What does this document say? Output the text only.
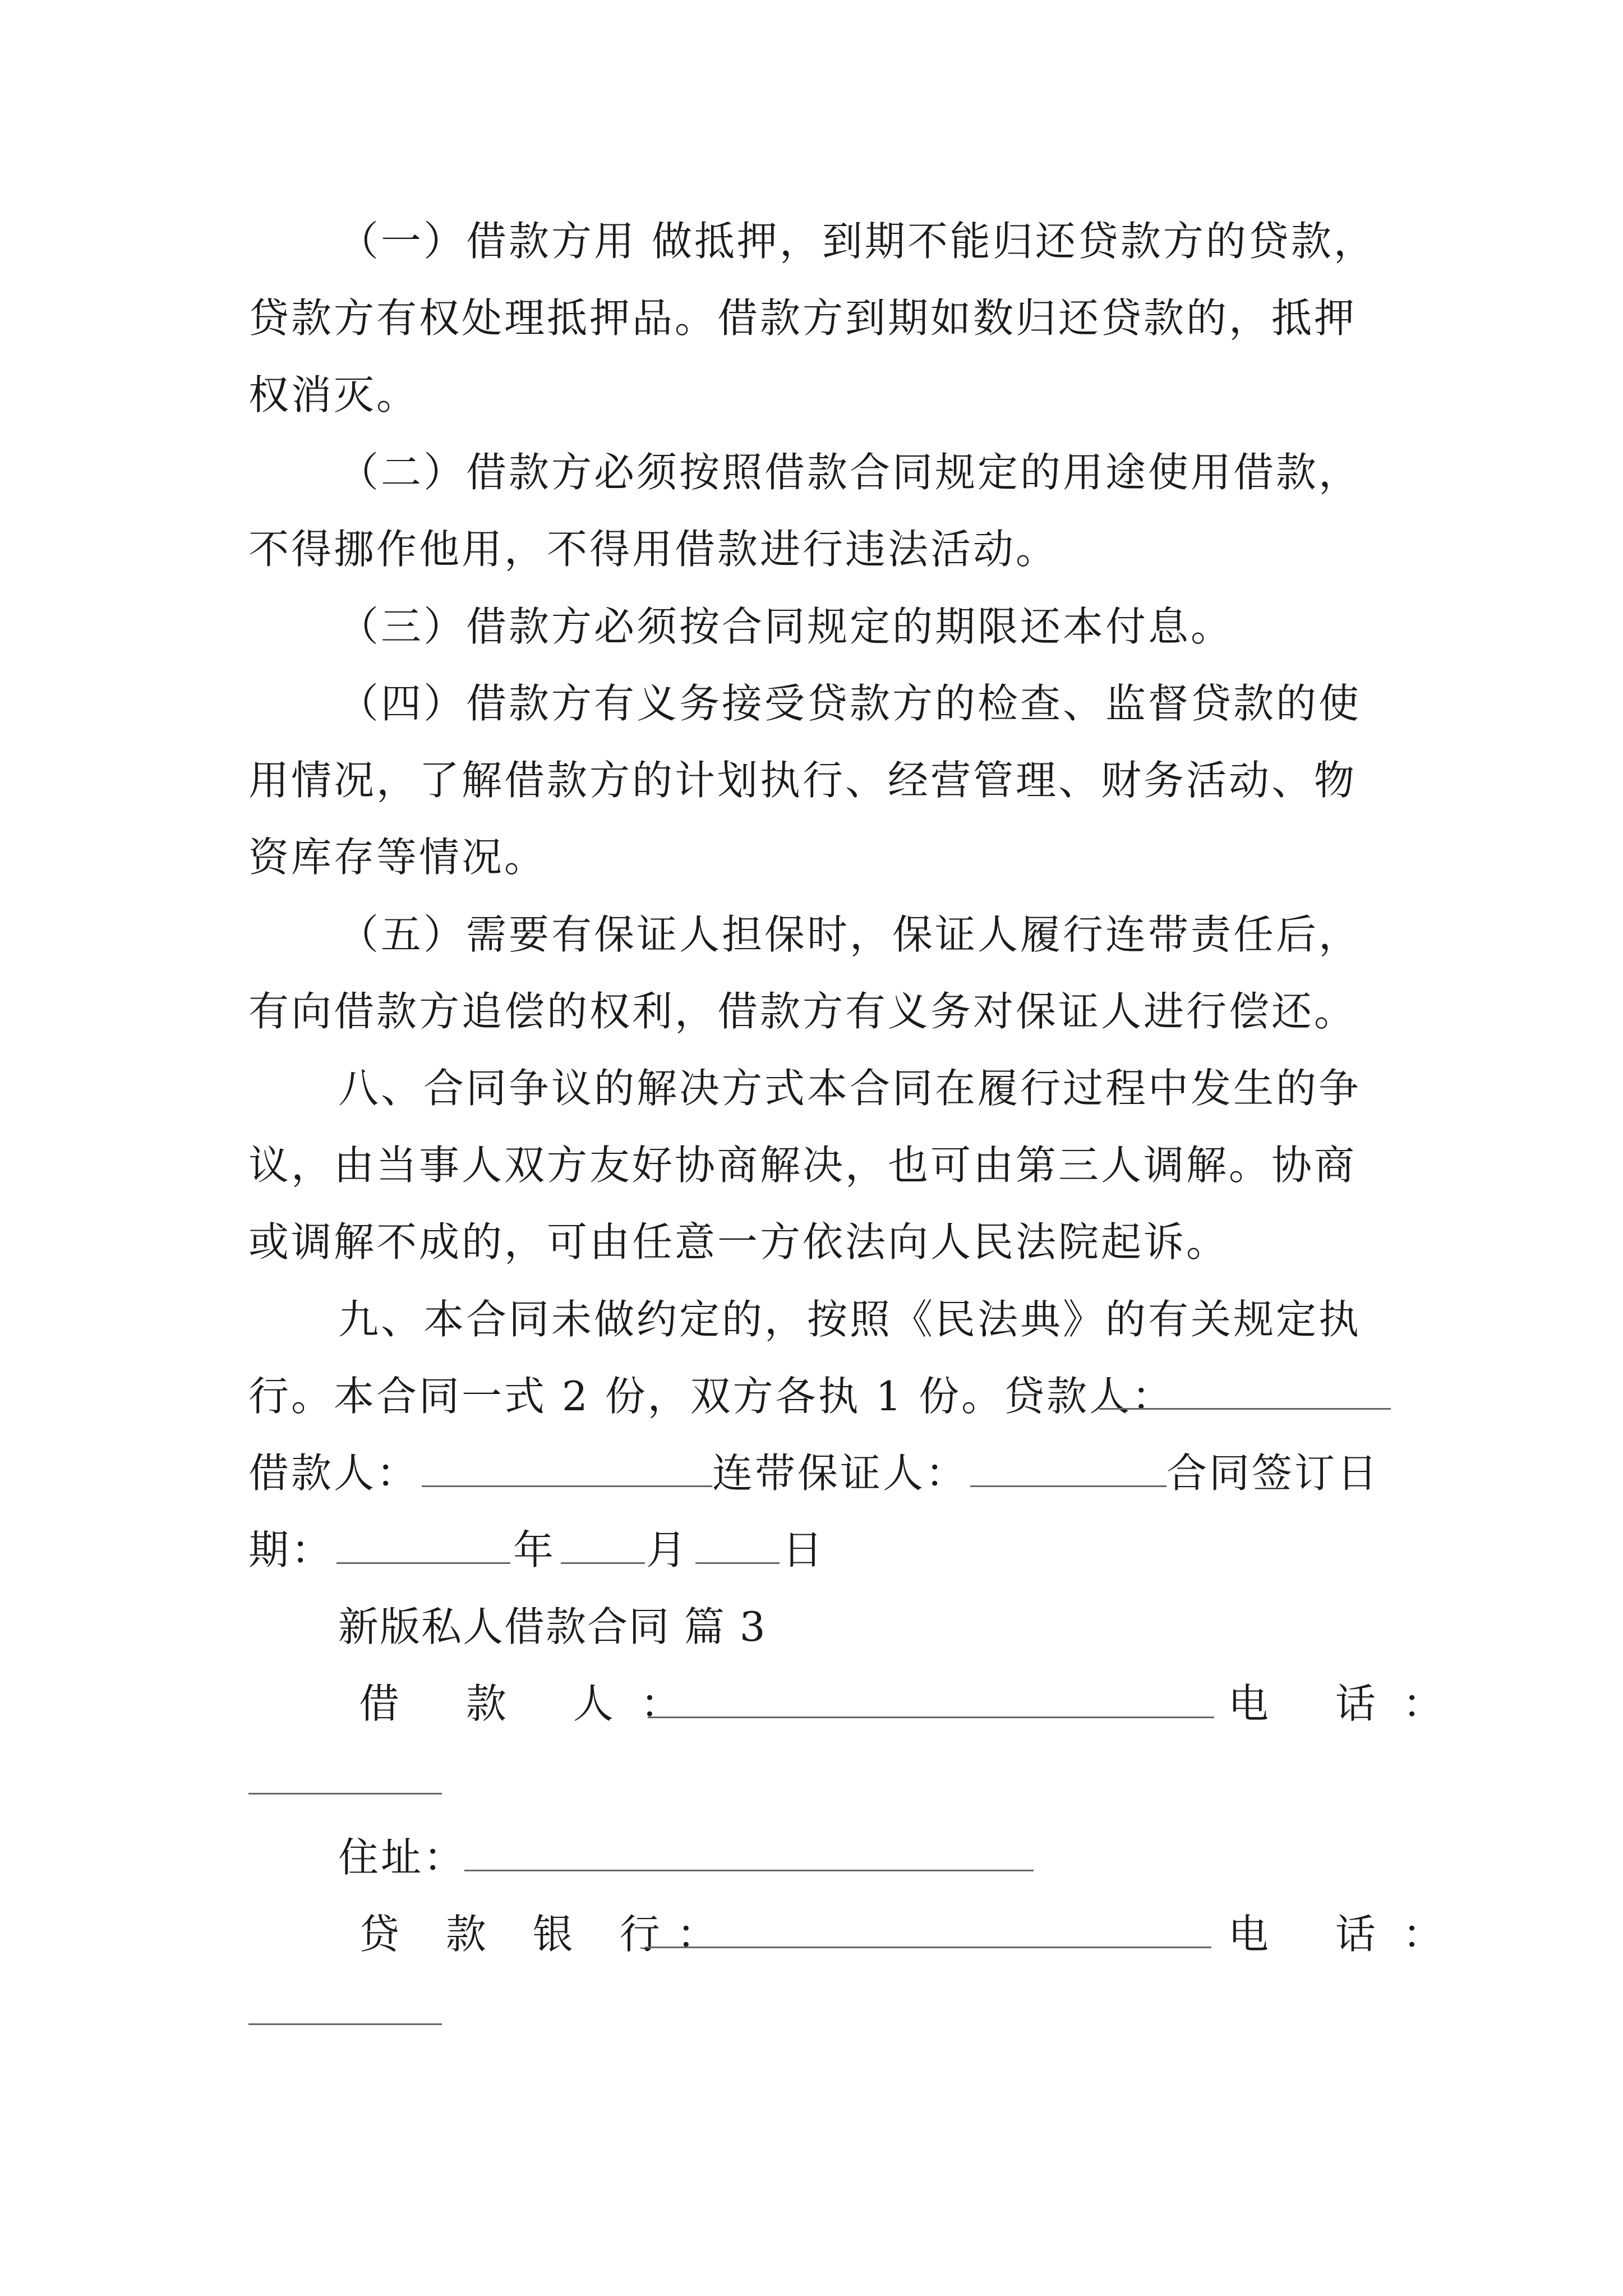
（一）借款方用 做抵押，到期不能归还贷款方的贷款，贷款方有权处理抵押品。借款方到期如数归还贷款的，抵押权消灭。

（二）借款方必须按照借款合同规定的用途使用借款，不得挪作他用，不得用借款进行违法活动。

（三）借款方必须按合同规定的期限还本付息。

（四）借款方有义务接受贷款方的检查、监督贷款的使用情况，了解借款方的计划执行、经营管理、财务活动、物资库存等情况。

（五）需要有保证人担保时，保证人履行连带责任后，有向借款方追偿的权利，借款方有义务对保证人进行偿还。

八、合同争议的解决方式本合同在履行过程中发生的争议，由当事人双方友好协商解决，也可由第三人调解。协商或调解不成的，可由任意一方依法向人民法院起诉。

九、本合同未做约定的，按照《民法典》的有关规定执
行。本合同一式 2 份，双方各执 1 份。贷款人：
借款人：	连带保证人：	合同签订日
期：	年 月 日
新版私人借款合同 篇 3
借 款 人：	电 话：
住址：
贷 款 银 行：	电 话：
